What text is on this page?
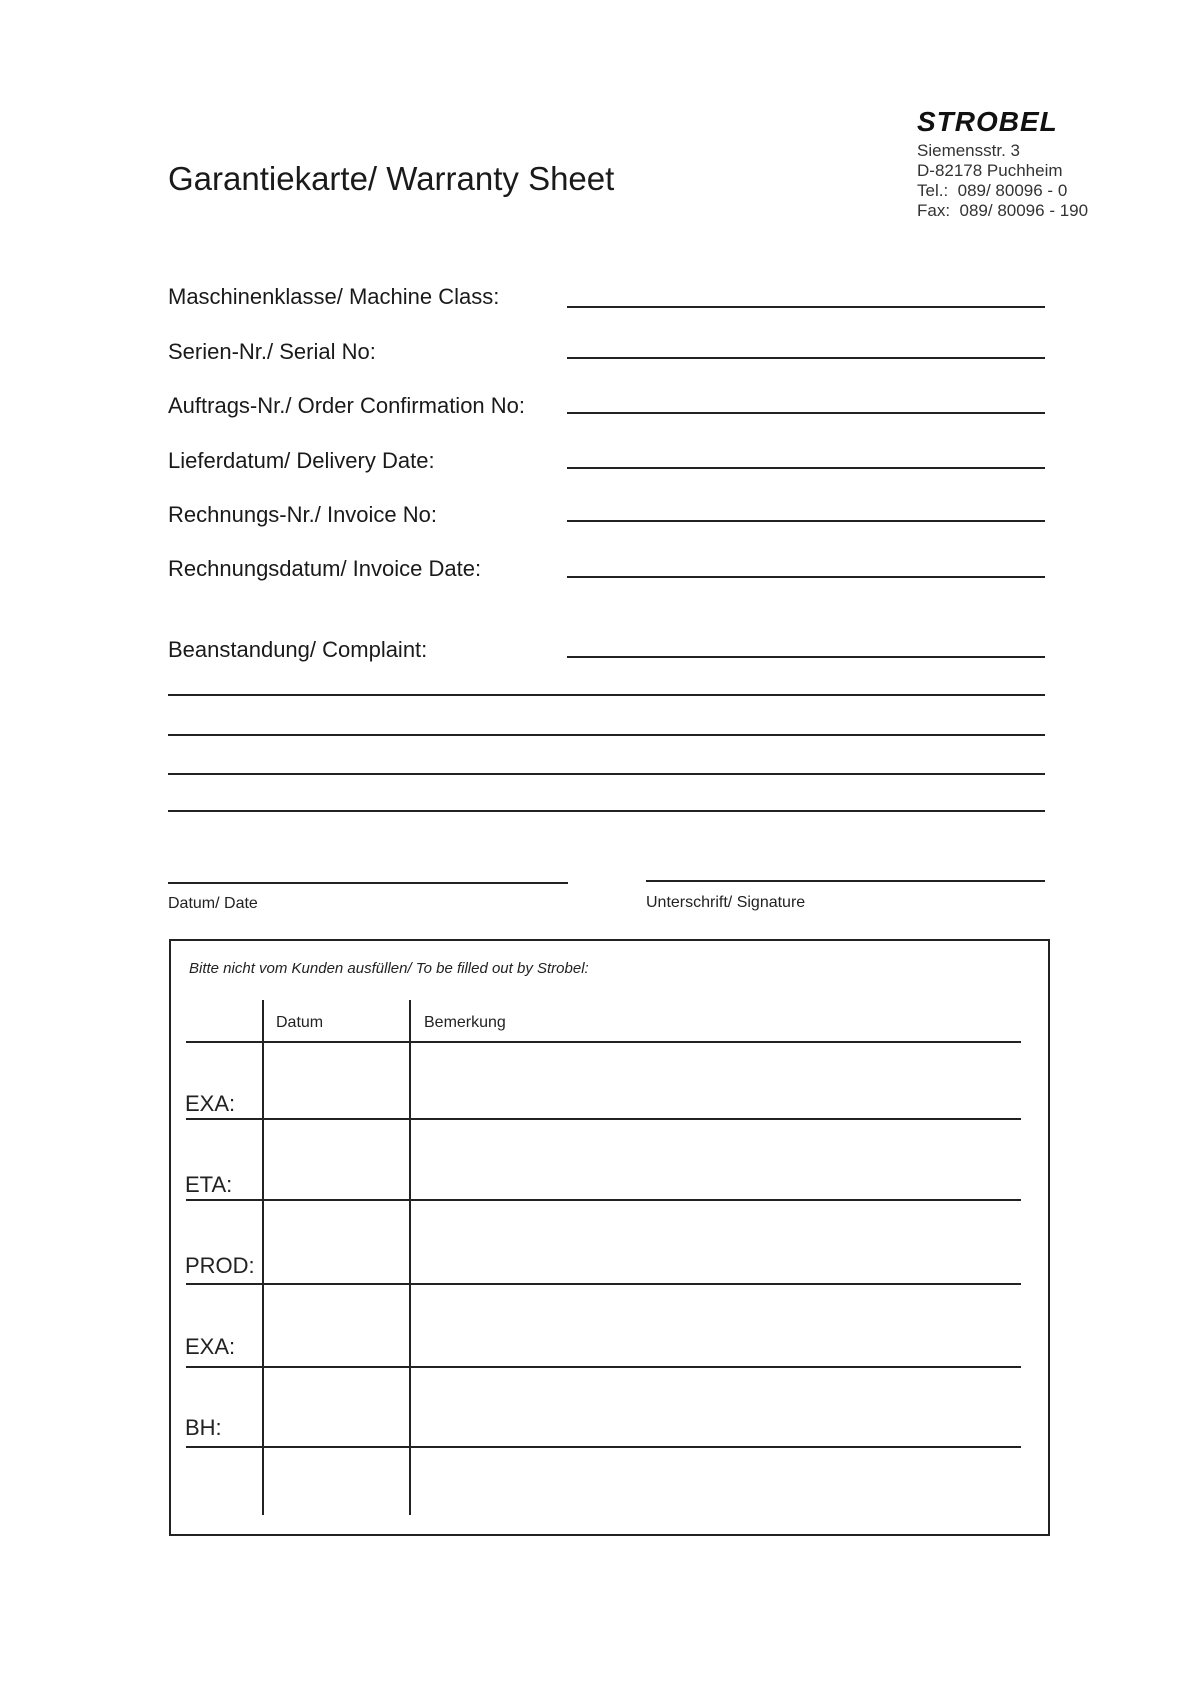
STROBEL
Siemensstr. 3
D-82178 Puchheim
Tel.:  089/ 80096 - 0
Fax:  089/ 80096 - 190
Garantiekarte/ Warranty Sheet
Maschinenklasse/ Machine Class:
Serien-Nr./ Serial No:
Auftrags-Nr./ Order Confirmation No:
Lieferdatum/ Delivery Date:
Rechnungs-Nr./ Invoice No:
Rechnungsdatum/ Invoice Date:
Beanstandung/ Complaint:
Datum/ Date	Unterschrift/ Signature
Bitte nicht vom Kunden ausfüllen/ To be filled out by Strobel:
Datum	Bemerkung
EXA:
ETA:
PROD:
EXA:
BH:
